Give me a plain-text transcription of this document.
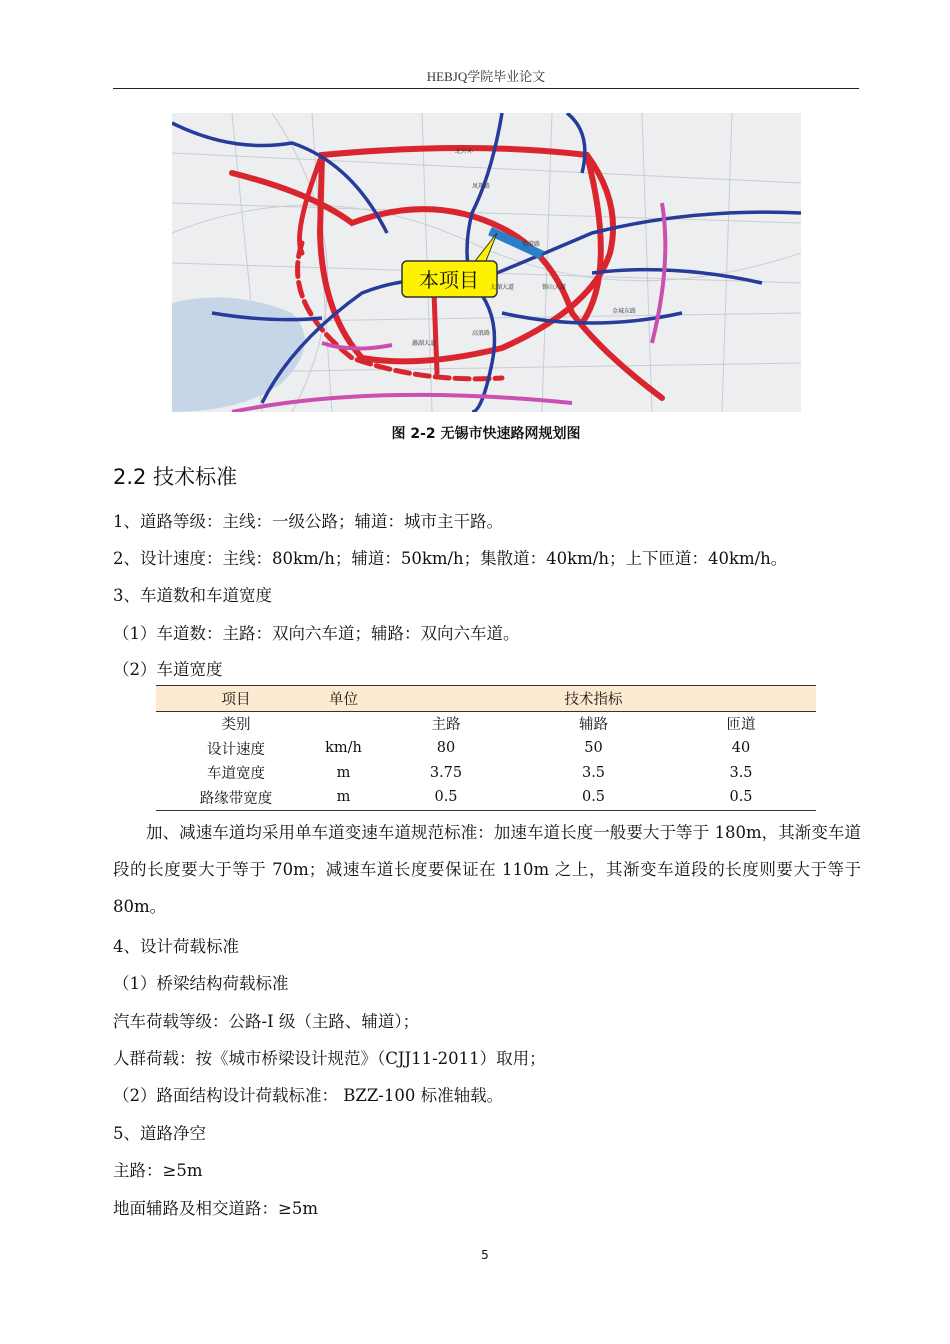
HEBJQ学院毕业论文
本项目
北外环
凤翔路
锡澄路
太湖大道	锡山大道
金城东路
蠡湖大道
高浪路
图 2-2 无锡市快速路网规划图
2.2 技术标准
1、道路等级：主线：一级公路；辅道：城市主干路。
2、设计速度：主线：80km/h；辅道：50km/h；集散道：40km/h；上下匝道：40km/h。
3、车道数和车道宽度
（1）车道数：主路：双向六车道；辅路：双向六车道。
（2）车道宽度
项目	单位	技术指标		
类别		主路	辅路	匝道
设计速度	km/h	80	50	40
车道宽度	m	3.75	3.5	3.5
路缘带宽度	m	0.5	0.5	0.5
加、减速车道均采用单车道变速车道规范标准：加速车道长度一般要大于等于 180m，其渐变车道段的长度要大于等于 70m；减速车道长度要保证在 110m 之上，其渐变车道段的长度则要大于等于 80m。
4、设计荷载标准
（1）桥梁结构荷载标准
汽车荷载等级：公路-I 级（主路、辅道）；
人群荷载：按《城市桥梁设计规范》（CJJ11-2011）取用；
（2）路面结构设计荷载标准： BZZ-100 标准轴载。
5、道路净空
主路：≥5m
地面辅路及相交道路：≥5m
5
